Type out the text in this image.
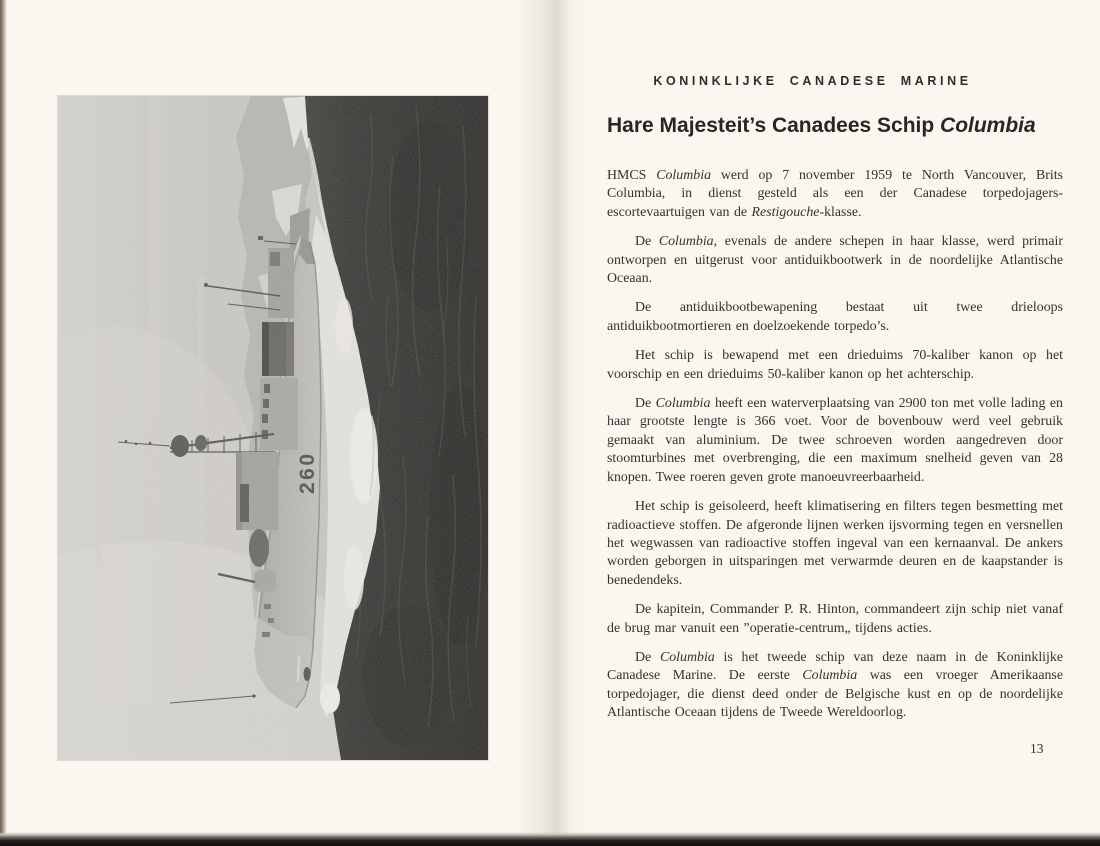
KONINKLIJKE CANADESE MARINE
Hare Majesteit’s Canadees Schip Columbia

HMCS Columbia werd op 7 november 1959 te North Vancouver, Brits Columbia, in dienst gesteld als een der Canadese torpedojagers-escortevaartuigen van de Restigouche-klasse.

De Columbia, evenals de andere schepen in haar klasse, werd primair ontworpen en uitgerust voor antiduikbootwerk in de noordelijke Atlantische Oceaan.

De antiduikbootbewapening bestaat uit twee drieloops antiduikbootmortieren en doelzoekende torpedo’s.

Het schip is bewapend met een drieduims 70-kaliber kanon op het voorschip en een drieduims 50-kaliber kanon op het achterschip.

De Columbia heeft een waterverplaatsing van 2900 ton met volle lading en haar grootste lengte is 366 voet. Voor de bovenbouw werd veel gebruik gemaakt van aluminium. De twee schroeven worden aangedreven door stoomturbines met overbrenging, die een maximum snelheid geven van 28 knopen. Twee roeren geven grote manoeuvreerbaarheid.

Het schip is geisoleerd, heeft klimatisering en filters tegen besmetting met radioactieve stoffen. De afgeronde lijnen werken ijsvorming tegen en versnellen het wegwassen van radioactive stoffen ingeval van een kernaanval. De ankers worden geborgen in uitsparingen met verwarmde deuren en de kaapstander is benedendeks.

De kapitein, Commander P. R. Hinton, commandeert zijn schip niet vanaf de brug mar vanuit een ”operatie-centrum„ tijdens acties.

De Columbia is het tweede schip van deze naam in de Koninklijke Canadese Marine. De eerste Columbia was een vroeger Amerikaanse torpedojager, die dienst deed onder de Belgische kust en op de noordelijke Atlantische Oceaan tijdens de Tweede Wereldoorlog.

13
